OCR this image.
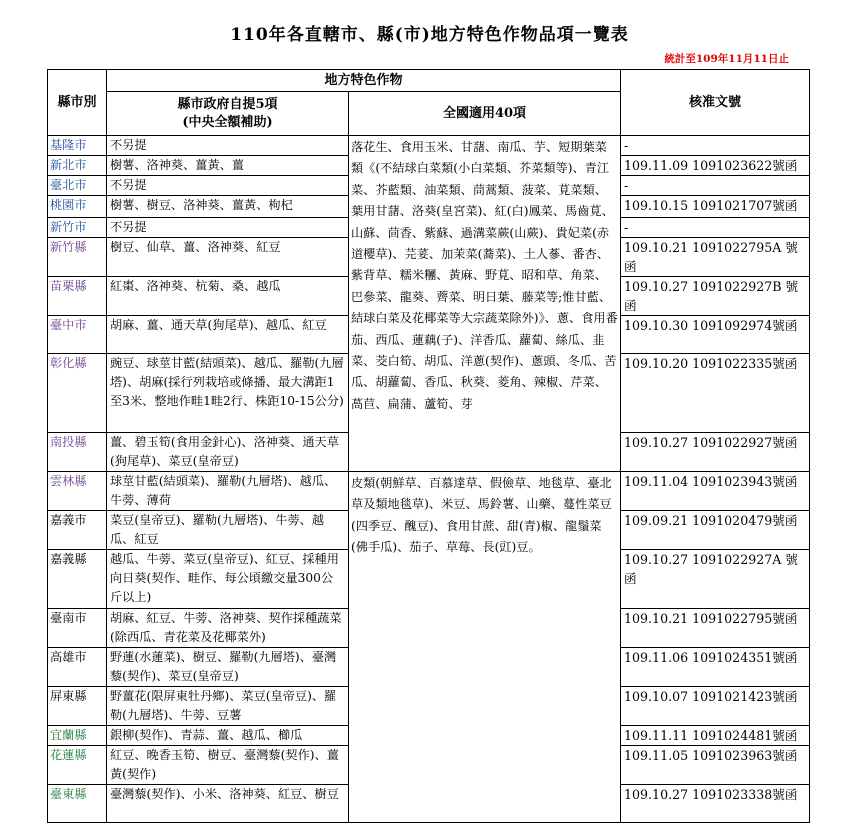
110年各直轄市、縣(市)地方特色作物品項一覽表
統計至109年11月11日止
縣市別	地方特色作物		核准文號
	縣市政府自提5項
(中央全額補助)	全國適用40項	
基隆市	不另提	落花生、食用玉米、甘藷、南瓜、芋、短期葉菜類《(不結球白菜類(小白菜類、芥菜類等)、青江菜、芥藍類、油菜類、茼蒿類、菠菜、莧菜類、葉用甘藷、洛葵(皇宮菜)、紅(白)鳳菜、馬齒莧、山蘇、茴香、紫蘇、過溝菜蕨(山蕨)、貴妃菜(赤道櫻草)、芫荽、加茉菜(蕎菜)、土人蔘、番杏、紫背草、糯米糰、黃麻、野莧、昭和草、角菜、巴參菜、龍葵、薺菜、明日葉、藤菜等;惟甘藍、結球白菜及花椰菜等大宗蔬菜除外)》、蔥、食用番茄、西瓜、蓮藕(子)、洋香瓜、蘿蔔、絲瓜、韭菜、茭白筍、胡瓜、洋蔥(契作)、蔥頭、冬瓜、苦瓜、胡蘿蔔、香瓜、秋葵、菱角、辣椒、芹菜、萵苣、扁蒲、蘆筍、芽	-
新北市	樹薯、洛神葵、薑黃、薑		109.11.09 1091023622號函
臺北市	不另提		-
桃園市	樹薯、樹豆、洛神葵、薑黃、枸杞		109.10.15 1091021707號函
新竹市	不另提		-
新竹縣	樹豆、仙草、薑、洛神葵、紅豆		109.10.21 1091022795A 號函
苗栗縣	紅棗、洛神葵、杭菊、桑、越瓜		109.10.27 1091022927B 號函
臺中市	胡麻、薑、通天草(狗尾草)、越瓜、紅豆		109.10.30 1091092974號函
彰化縣	豌豆、球莖甘藍(結頭菜)、越瓜、羅勒(九層塔)、胡麻(採行列栽培或條播、最大溝距1至3米、整地作畦1畦2行、株距10-15公分)		109.10.20 1091022335號函
南投縣	薑、碧玉筍(食用金針心)、洛神葵、通天草(狗尾草)、菜豆(皇帝豆)		109.10.27 1091022927號函
雲林縣	球莖甘藍(結頭菜)、羅勒(九層塔)、越瓜、牛蒡、薄荷	皮類(朝鮮草、百慕達草、假儉草、地毯草、臺北草及類地毯草)、米豆、馬鈴薯、山藥、蔓性菜豆(四季豆、醜豆)、食用甘蔗、甜(青)椒、龍鬚菜(佛手瓜)、茄子、草莓、長(豇)豆。	109.11.04 1091023943號函
嘉義市	菜豆(皇帝豆)、羅勒(九層塔)、牛蒡、越瓜、紅豆		109.09.21 1091020479號函
嘉義縣	越瓜、牛蒡、菜豆(皇帝豆)、紅豆、採種用向日葵(契作、畦作、每公頃繳交量300公斤以上)		109.10.27 1091022927A 號函
臺南市	胡麻、紅豆、牛蒡、洛神葵、契作採種蔬菜(除西瓜、青花菜及花椰菜外)		109.10.21 1091022795號函
高雄市	野蓮(水蓮菜)、樹豆、羅勒(九層塔)、臺灣藜(契作)、菜豆(皇帝豆)		109.11.06 1091024351號函
屏東縣	野薑花(限屏東牡丹鄉)、菜豆(皇帝豆)、羅勒(九層塔)、牛蒡、豆薯		109.10.07 1091021423號函
宜蘭縣	銀柳(契作)、青蒜、薑、越瓜、櫛瓜		109.11.11 1091024481號函
花蓮縣	紅豆、晚香玉筍、樹豆、臺灣藜(契作)、薑黃(契作)		109.11.05 1091023963號函
臺東縣	臺灣藜(契作)、小米、洛神葵、紅豆、樹豆		109.10.27 1091023338號函
